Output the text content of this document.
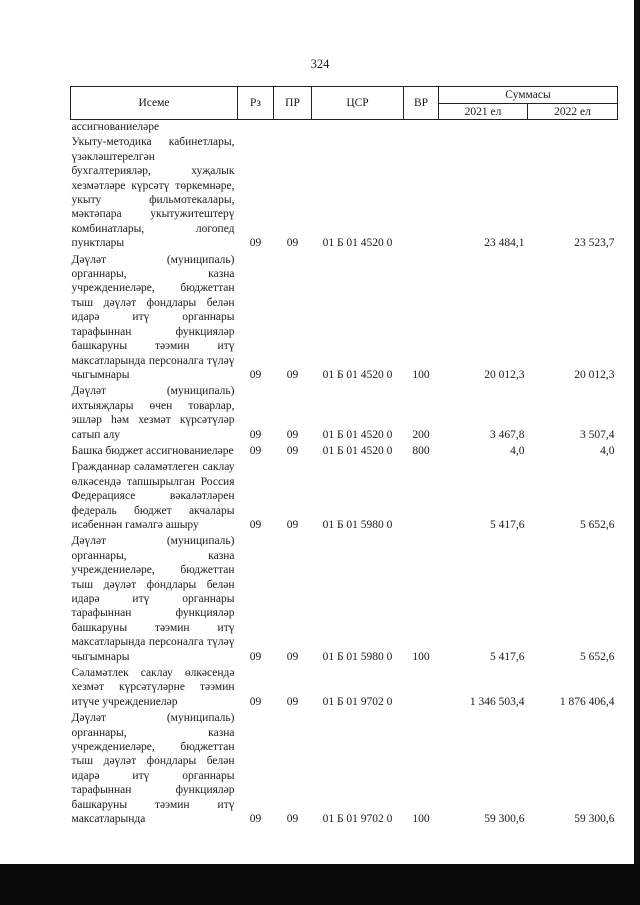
324
Исеме	Рз	ПР	ЦСР	ВР	Суммасы	
					2021 ел	2022 ел
ассигнованиеләре						
Укыту-методика кабинетлары, үзәкләштерелгән бухгалтерияләр, хуҗалык хезмәтләре күрсәтү төркемнәре, укыту фильмотекалары, мәктәпара укытужитештерү комбинатлары, логопед пунктлары	09	09	01 Б 01 4520 0		23 484,1	23 523,7
Дәүләт (муниципаль) органнары, казна учреждениеләре, бюджеттан тыш дәүләт фондлары белән идарә итү органнары тарафыннан функцияләр башкаруны тәэмин итү максатларында персоналга түләү чыгымнары	09	09	01 Б 01 4520 0	100	20 012,3	20 012,3
Дәүләт (муниципаль) ихтыяҗлары өчен товарлар, эшләр һәм хезмәт күрсәтүләр сатып алу	09	09	01 Б 01 4520 0	200	3 467,8	3 507,4
Башка бюджет ассигнованиеләре	09	09	01 Б 01 4520 0	800	4,0	4,0
Гражданнар сәламәтлеген саклау өлкәсендә тапшырылган Россия Федерациясе вәкаләтләрен федераль бюджет акчалары исәбеннән гамәлгә ашыру	09	09	01 Б 01 5980 0		5 417,6	5 652,6
Дәүләт (муниципаль) органнары, казна учреждениеләре, бюджеттан тыш дәүләт фондлары белән идарә итү органнары тарафыннан функцияләр башкаруны тәэмин итү максатларында персоналга түләү чыгымнары	09	09	01 Б 01 5980 0	100	5 417,6	5 652,6
Сәламәтлек саклау өлкәсендә хезмәт күрсәтүләрне тәэмин итүче учреждениеләр	09	09	01 Б 01 9702 0		1 346 503,4	1 876 406,4
Дәүләт (муниципаль) органнары, казна учреждениеләре, бюджеттан тыш дәүләт фондлары белән идарә итү органнары тарафыннан функцияләр башкаруны тәэмин итү максатларында	09	09	01 Б 01 9702 0	100	59 300,6	59 300,6
